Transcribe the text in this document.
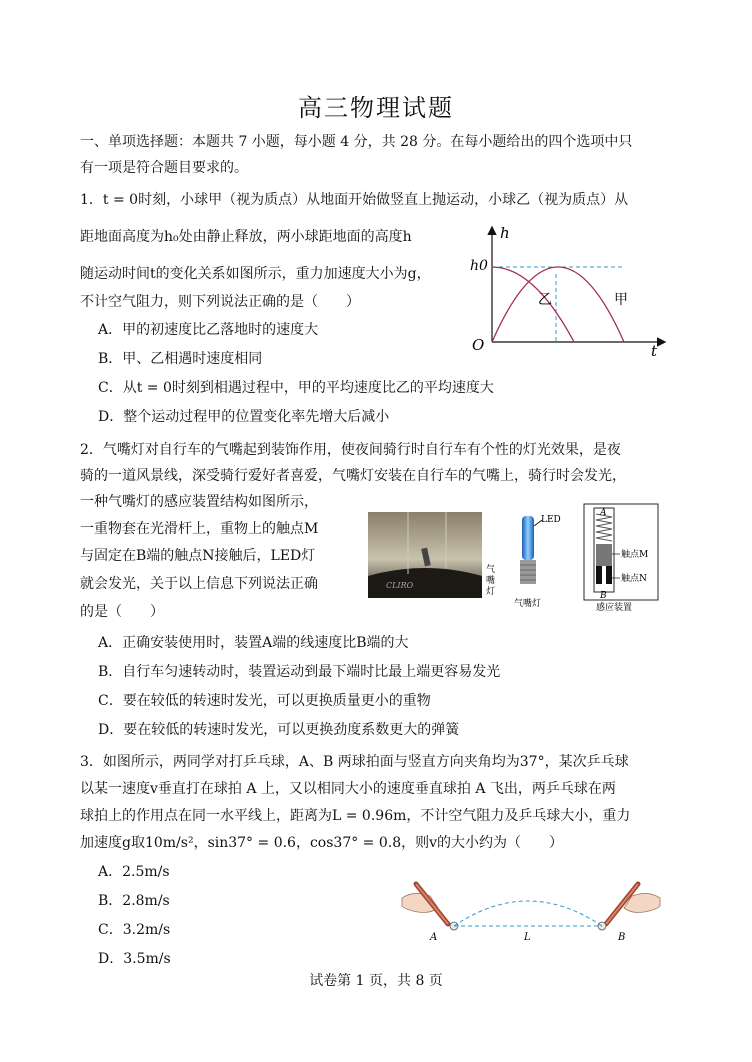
高三物理试题
一、单项选择题：本题共 7 小题，每小题 4 分，共 28 分。在每小题给出的四个选项中只
有一项是符合题目要求的。
1．t = 0时刻，小球甲（视为质点）从地面开始做竖直上抛运动，小球乙（视为质点）从
距地面高度为h₀处由静止释放，两小球距地面的高度h
随运动时间t的变化关系如图所示，重力加速度大小为g，
不计空气阻力，则下列说法正确的是（　　）
A．甲的初速度比乙落地时的速度大
B．甲、乙相遇时速度相同
C．从t = 0时刻到相遇过程中，甲的平均速度比乙的平均速度大
D．整个运动过程甲的位置变化率先增大后减小
h
t
h0
O
乙	甲
2．气嘴灯对自行车的气嘴起到装饰作用，使夜间骑行时自行车有个性的灯光效果，是夜
骑的一道风景线，深受骑行爱好者喜爱，气嘴灯安装在自行车的气嘴上，骑行时会发光，
一种气嘴灯的感应装置结构如图所示，
一重物套在光滑杆上，重物上的触点M
与固定在B端的触点N接触后，LED灯
就会发光，关于以上信息下列说法正确
的是（　　）
A．正确安装使用时，装置A端的线速度比B端的大
B．自行车匀速转动时，装置运动到最下端时比最上端更容易发光
C．要在较低的转速时发光，可以更换质量更小的重物
D．要在较低的转速时发光，可以更换劲度系数更大的弹簧
CLIRO
气
嘴
灯
LED
气嘴灯
A
B
触点M
触点N
感应装置
3．如图所示，两同学对打乒乓球，A、B 两球拍面与竖直方向夹角均为37°，某次乒乓球
以某一速度v垂直打在球拍 A 上，又以相同大小的速度垂直球拍 A 飞出，两乒乓球在两
球拍上的作用点在同一水平线上，距离为L = 0.96m，不计空气阻力及乒乓球大小，重力
加速度g取10m/s²，sin37° = 0.6，cos37° = 0.8，则v的大小约为（　　）
A．2.5m/s
B．2.8m/s
C．3.2m/s
D．3.5m/s
A	L	B
试卷第 1 页，共 8 页
